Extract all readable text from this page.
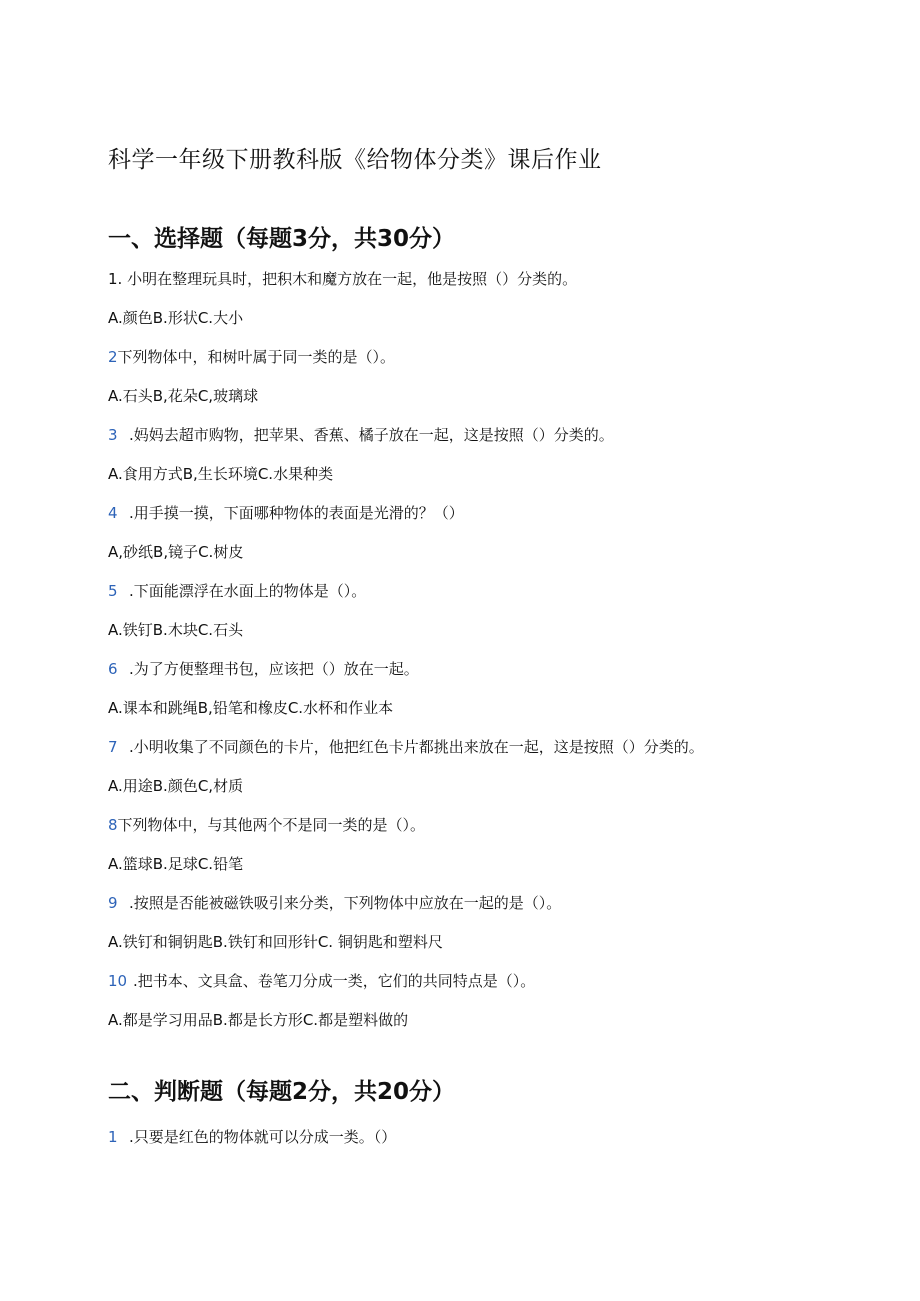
科学一年级下册教科版《给物体分类》课后作业
一、选择题（每题3分，共30分）
1. 小明在整理玩具时，把积木和魔方放在一起，他是按照（）分类的。
A.颜色B.形状C.大小
2下列物体中，和树叶属于同一类的是（）。
A.石头B,花朵C,玻璃球
3 .妈妈去超市购物，把苹果、香蕉、橘子放在一起，这是按照（）分类的。
A.食用方式B,生长环境C.水果种类
4 .用手摸一摸，下面哪种物体的表面是光滑的？（）
A,砂纸B,镜子C.树皮
5 .下面能漂浮在水面上的物体是（）。
A.铁钉B.木块C.石头
6 .为了方便整理书包，应该把（）放在一起。
A.课本和跳绳B,铅笔和橡皮C.水杯和作业本
7 .小明收集了不同颜色的卡片，他把红色卡片都挑出来放在一起，这是按照（）分类的。
A.用途B.颜色C,材质
8下列物体中，与其他两个不是同一类的是（）。
A.篮球B.足球C.铅笔
9 .按照是否能被磁铁吸引来分类，下列物体中应放在一起的是（）。
A.铁钉和铜钥匙B.铁钉和回形针C. 铜钥匙和塑料尺
10 .把书本、文具盒、卷笔刀分成一类，它们的共同特点是（）。
A.都是学习用品B.都是长方形C.都是塑料做的
二、判断题（每题2分，共20分）
1 .只要是红色的物体就可以分成一类。（）
